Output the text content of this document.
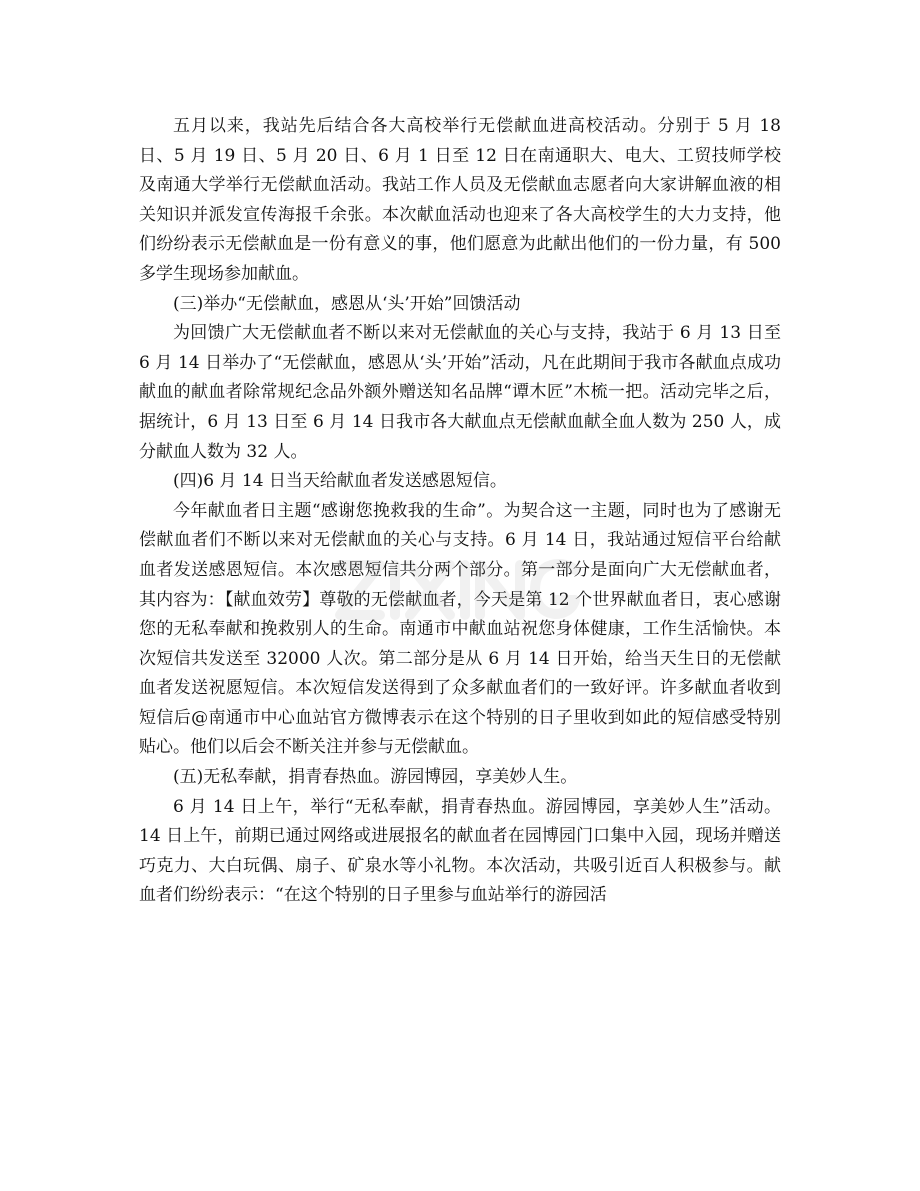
五月以来，我站先后结合各大高校举行无偿献血进高校活动。分别于 5 月 18 日、5 月 19 日、5 月 20 日、6 月 1 日至 12 日在南通职大、电大、工贸技师学校及南通大学举行无偿献血活动。我站工作人员及无偿献血志愿者向大家讲解血液的相关知识并派发宣传海报千余张。本次献血活动也迎来了各大高校学生的大力支持，他们纷纷表示无偿献血是一份有意义的事，他们愿意为此献出他们的一份力量，有 500 多学生现场参加献血。

(三)举办“无偿献血，感恩从‘头’开始”回馈活动

为回馈广大无偿献血者不断以来对无偿献血的关心与支持，我站于 6 月 13 日至 6 月 14 日举办了“无偿献血，感恩从‘头’开始”活动，凡在此期间于我市各献血点成功献血的献血者除常规纪念品外额外赠送知名品牌“谭木匠”木梳一把。活动完毕之后，据统计，6 月 13 日至 6 月 14 日我市各大献血点无偿献血献全血人数为 250 人，成分献血人数为 32 人。

(四)6 月 14 日当天给献血者发送感恩短信。

今年献血者日主题“感谢您挽救我的生命”。为契合这一主题，同时也为了感谢无偿献血者们不断以来对无偿献血的关心与支持。6 月 14 日，我站通过短信平台给献血者发送感恩短信。本次感恩短信共分两个部分。第一部分是面向广大无偿献血者，其内容为：【献血效劳】尊敬的无偿献血者，今天是第 12 个世界献血者日，衷心感谢您的无私奉献和挽救别人的生命。南通市中献血站祝您身体健康，工作生活愉快。本次短信共发送至 32000 人次。第二部分是从 6 月 14 日开始，给当天生日的无偿献血者发送祝愿短信。本次短信发送得到了众多献血者们的一致好评。许多献血者收到短信后@南通市中心血站官方微博表示在这个特别的日子里收到如此的短信感受特别贴心。他们以后会不断关注并参与无偿献血。

(五)无私奉献，捐青春热血。游园博园，享美妙人生。

6 月 14 日上午，举行“无私奉献，捐青春热血。游园博园，享美妙人生”活动。14 日上午，前期已通过网络或进展报名的献血者在园博园门口集中入园，现场并赠送巧克力、大白玩偶、扇子、矿泉水等小礼物。本次活动，共吸引近百人积极参与。献血者们纷纷表示：“在这个特别的日子里参与血站举行的游园活
